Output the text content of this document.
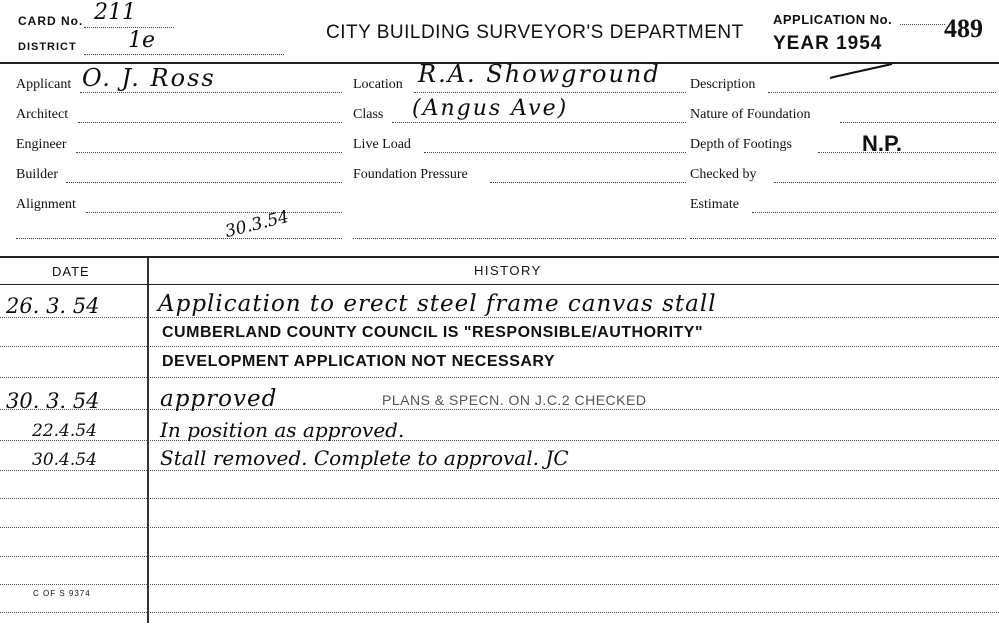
CARD No. 211
DISTRICT 1e	CITY BUILDING SURVEYOR'S DEPARTMENT
APPLICATION No. 489
YEAR 1954
Applicant O. J. Ross
Architect
Engineer
Builder
Alignment
Location R.A. Showground
Class (Angus Ave)
Live Load
Foundation Pressure
Description
Nature of Foundation
Depth of Footings	N.P.
Checked by
Estimate
30.3.54
DATE	HISTORY
26. 3. 54	Application to erect steel frame canvas stall
CUMBERLAND COUNTY COUNCIL IS "RESPONSIBLE/AUTHORITY"
DEVELOPMENT APPLICATION NOT NECESSARY
30. 3. 54	approved	PLANS & SPECN. ON J.C.2 CHECKED
22.4.54	In position as approved.
30.4.54	Stall removed. Complete to approval. JC
C OF S 9374
